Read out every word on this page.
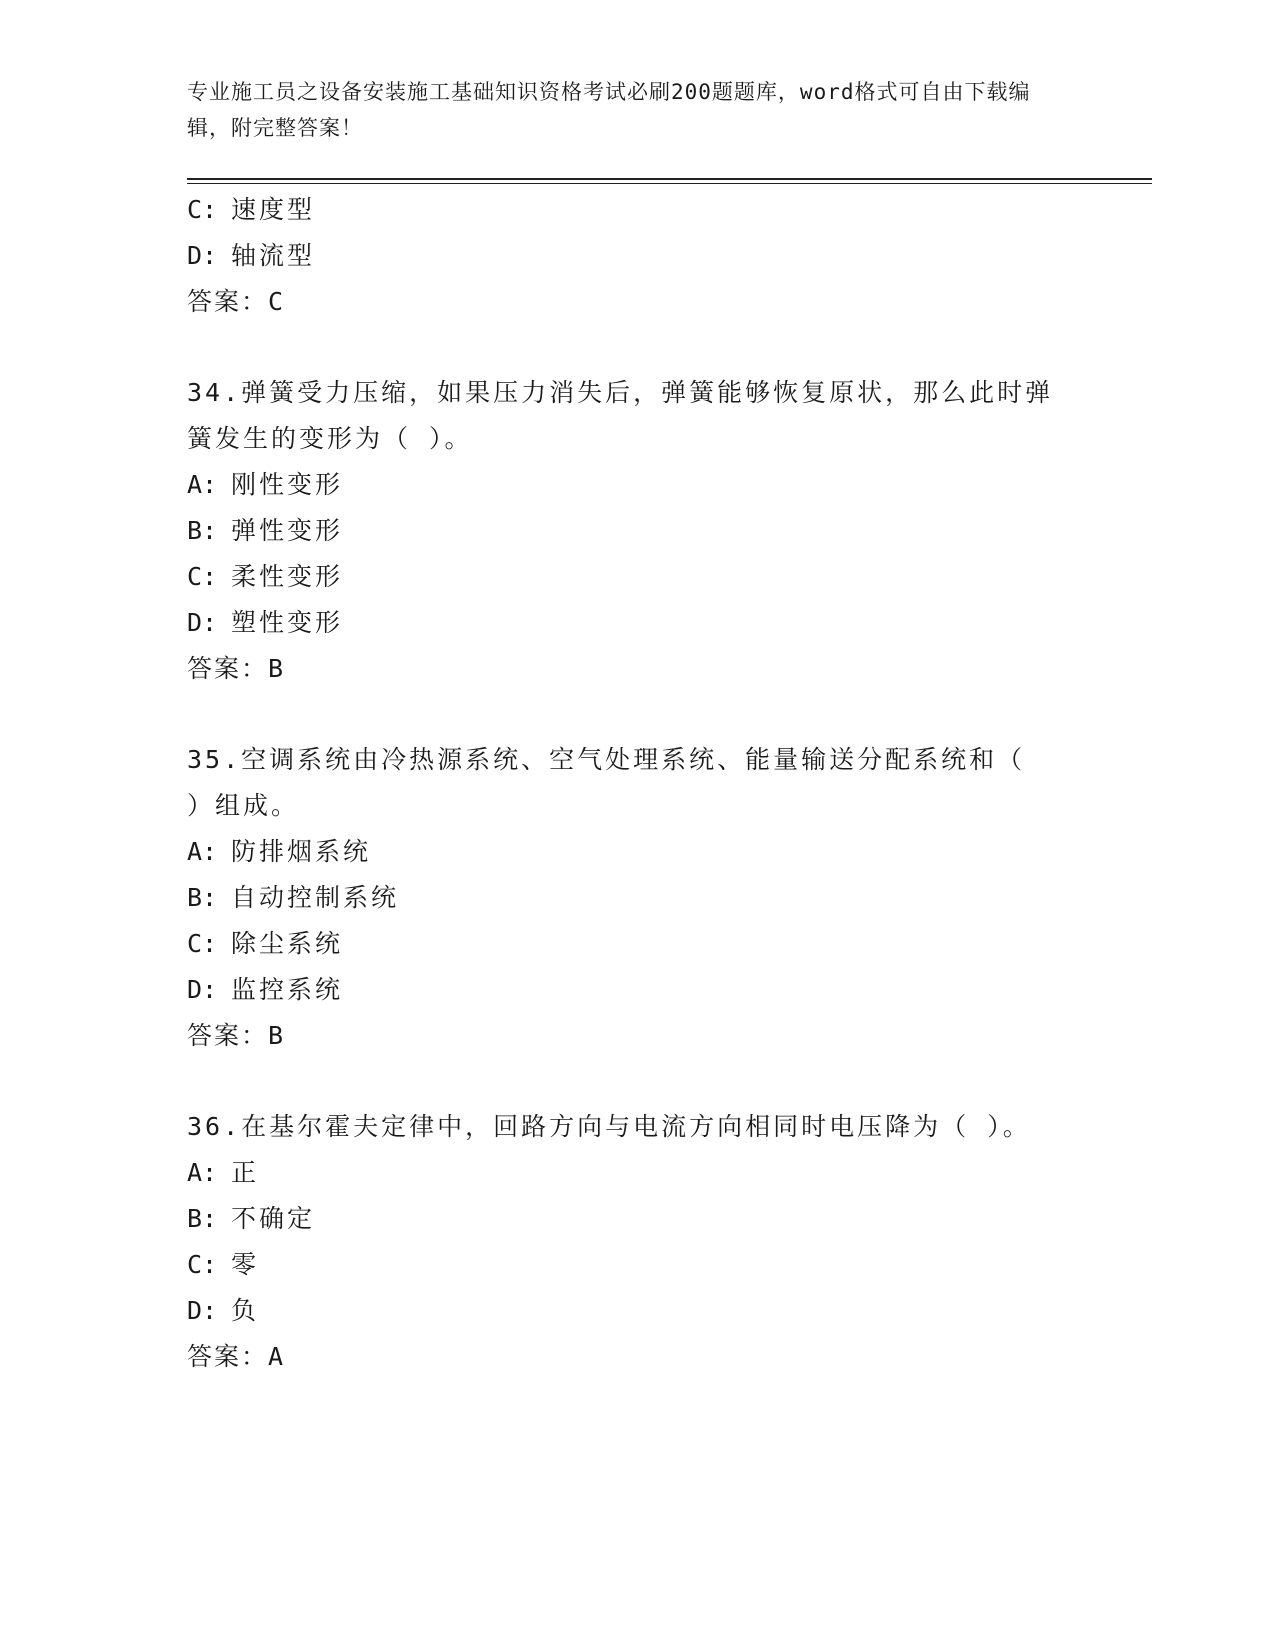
专业施工员之设备安装施工基础知识资格考试必刷200题题库，word格式可自由下载编辑，附完整答案！
C: 速度型
D: 轴流型
答案：C
34.弹簧受力压缩，如果压力消失后，弹簧能够恢复原状，那么此时弹
簧发生的变形为（ ）。
A: 刚性变形
B: 弹性变形
C: 柔性变形
D: 塑性变形
答案：B
35.空调系统由冷热源系统、空气处理系统、能量输送分配系统和（
）组成。
A: 防排烟系统
B: 自动控制系统
C: 除尘系统
D: 监控系统
答案：B
36.在基尔霍夫定律中，回路方向与电流方向相同时电压降为（ ）。
A: 正
B: 不确定
C: 零
D: 负
答案：A
